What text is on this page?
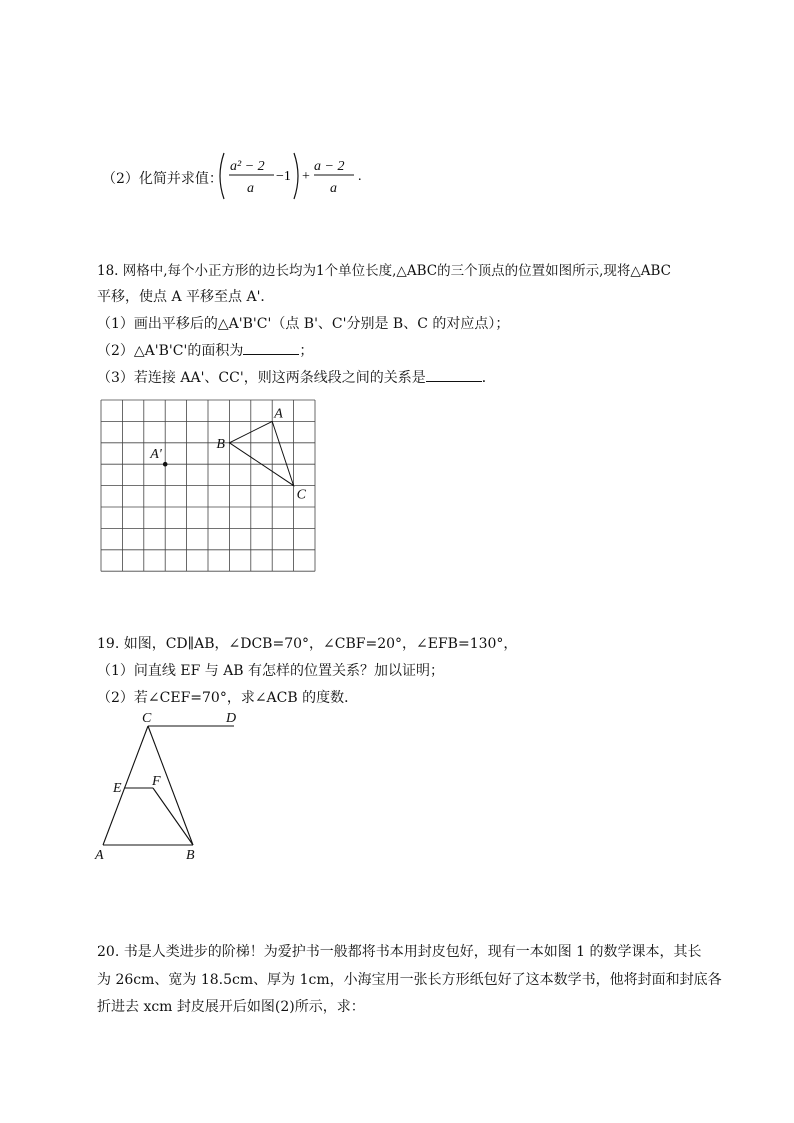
（2）化简并求值：
a² − 2
a
−1 +
a − 2
a
.
18. 网格中,每个小正方形的边长均为1个单位长度,△ABC的三个顶点的位置如图所示,现将△ABC
平移，使点 A 平移至点 A'．
（1）画出平移后的△A'B'C'（点 B'、C'分别是 B、C 的对应点）；
（2）△A'B'C'的面积为	；
（3）若连接 AA'、CC'，则这两条线段之间的关系是	．
A
B
C
A'
19. 如图，CD∥AB，∠DCB=70°，∠CBF=20°，∠EFB=130°，
（1）问直线 EF 与 AB 有怎样的位置关系？加以证明；
（2）若∠CEF=70°，求∠ACB 的度数．
C	D
E F
A	B
20. 书是人类进步的阶梯！为爱护书一般都将书本用封皮包好，现有一本如图 1 的数学课本，其长
为 26cm、宽为 18.5cm、厚为 1cm，小海宝用一张长方形纸包好了这本数学书，他将封面和封底各
折进去 xcm 封皮展开后如图(2)所示，求：
